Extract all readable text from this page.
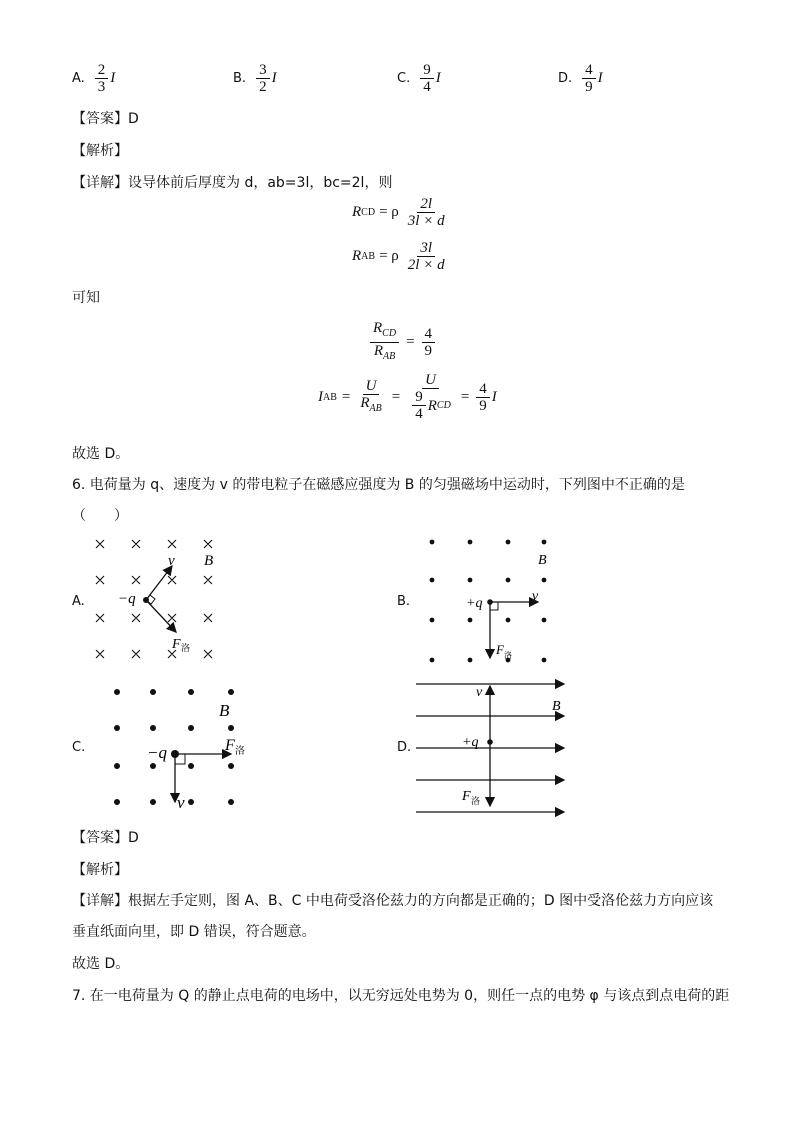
A. $\frac{2}{3}$ I	B. $\frac{3}{2}$ I	C. $\frac{9}{4}$ I	D. $\frac{4}{9}$ I
【答案】D
【解析】
【详解】设导体前后厚度为 d，ab=3l，bc=2l，则
R CD = ρ $\frac{2l}{3l \times d}$
R AB = ρ $\frac{3l}{2l \times d}$
可知
$\frac{R_{CD}}{R_{AB}} = \frac{4}{9}$
I AB = $\frac{U}{R_{AB}} = \frac{U}{\frac{9}{4} R CD} = \frac{4}{9}$ I
故选 D。
6. 电荷量为 q、速度为 v 的带电粒子在磁感应强度为 B 的匀强磁场中运动时，下列图中不正确的是
（　　）
A. −q
v B
F 洛
B.	+q	v
B
F 洛
C.	−q
v
B
F 洛	D.	+q
v
B
F 洛
【答案】D
【解析】
【详解】根据左手定则，图 A、B、C 中电荷受洛伦兹力的方向都是正确的；D 图中受洛伦兹力方向应该
垂直纸面向里，即 D 错误，符合题意。
故选 D。
7. 在一电荷量为 Q 的静止点电荷的电场中，以无穷远处电势为 0，则任一点的电势 φ 与该点到点电荷的距
